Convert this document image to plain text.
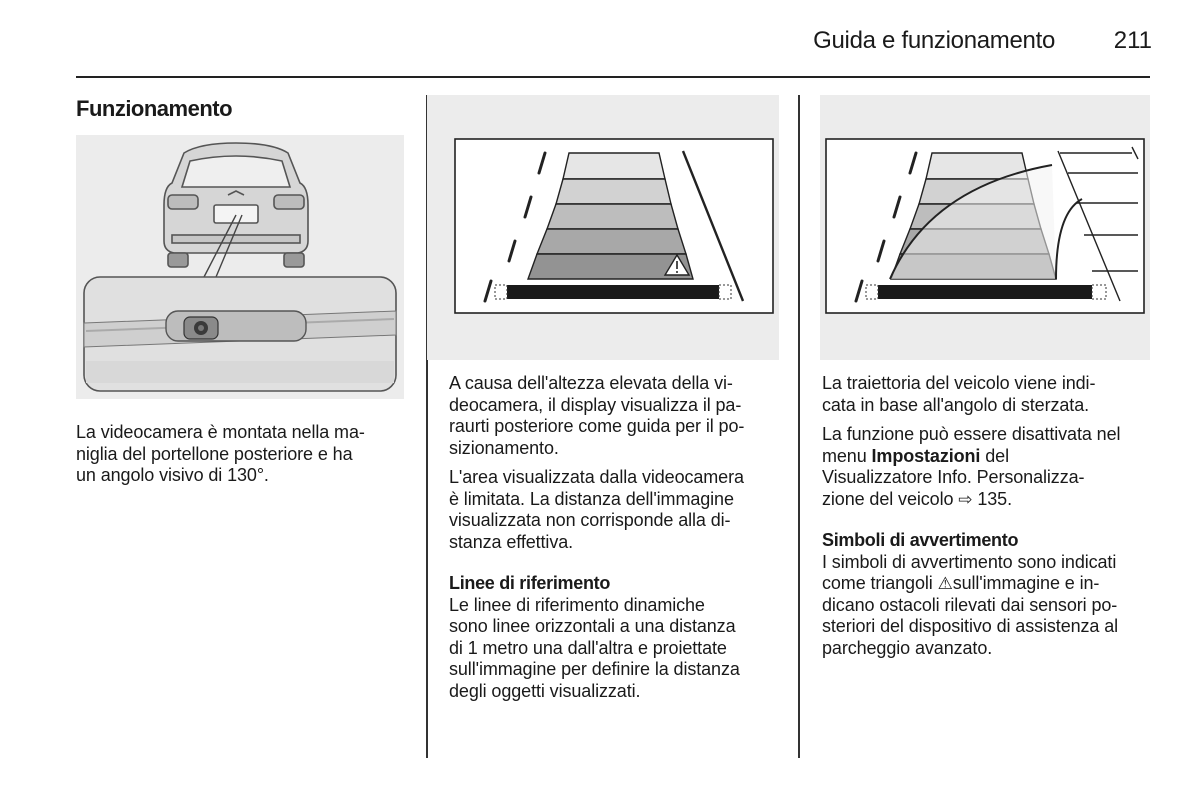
Guida e funzionamento 211
Funzionamento

La videocamera è montata nella ma-
niglia del portellone posteriore e ha
un angolo visivo di 130°.

A causa dell'altezza elevata della vi-
deocamera, il display visualizza il pa-
raurti posteriore come guida per il po-
sizionamento.

L'area visualizzata dalla videocamera
è limitata. La distanza dell'immagine
visualizzata non corrisponde alla di-
stanza effettiva.

Linee di riferimento

Le linee di riferimento dinamiche
sono linee orizzontali a una distanza
di 1 metro una dall'altra e proiettate
sull'immagine per definire la distanza
degli oggetti visualizzati.

La traiettoria del veicolo viene indi-
cata in base all'angolo di sterzata.

La funzione può essere disattivata nel
menu Impostazioni del
Visualizzatore Info. Personalizza-
zione del veicolo ⇨ 135.

Simboli di avvertimento

I simboli di avvertimento sono indicati
come triangoli ⚠sull'immagine e in-
dicano ostacoli rilevati dai sensori po-
steriori del dispositivo di assistenza al
parcheggio avanzato.
